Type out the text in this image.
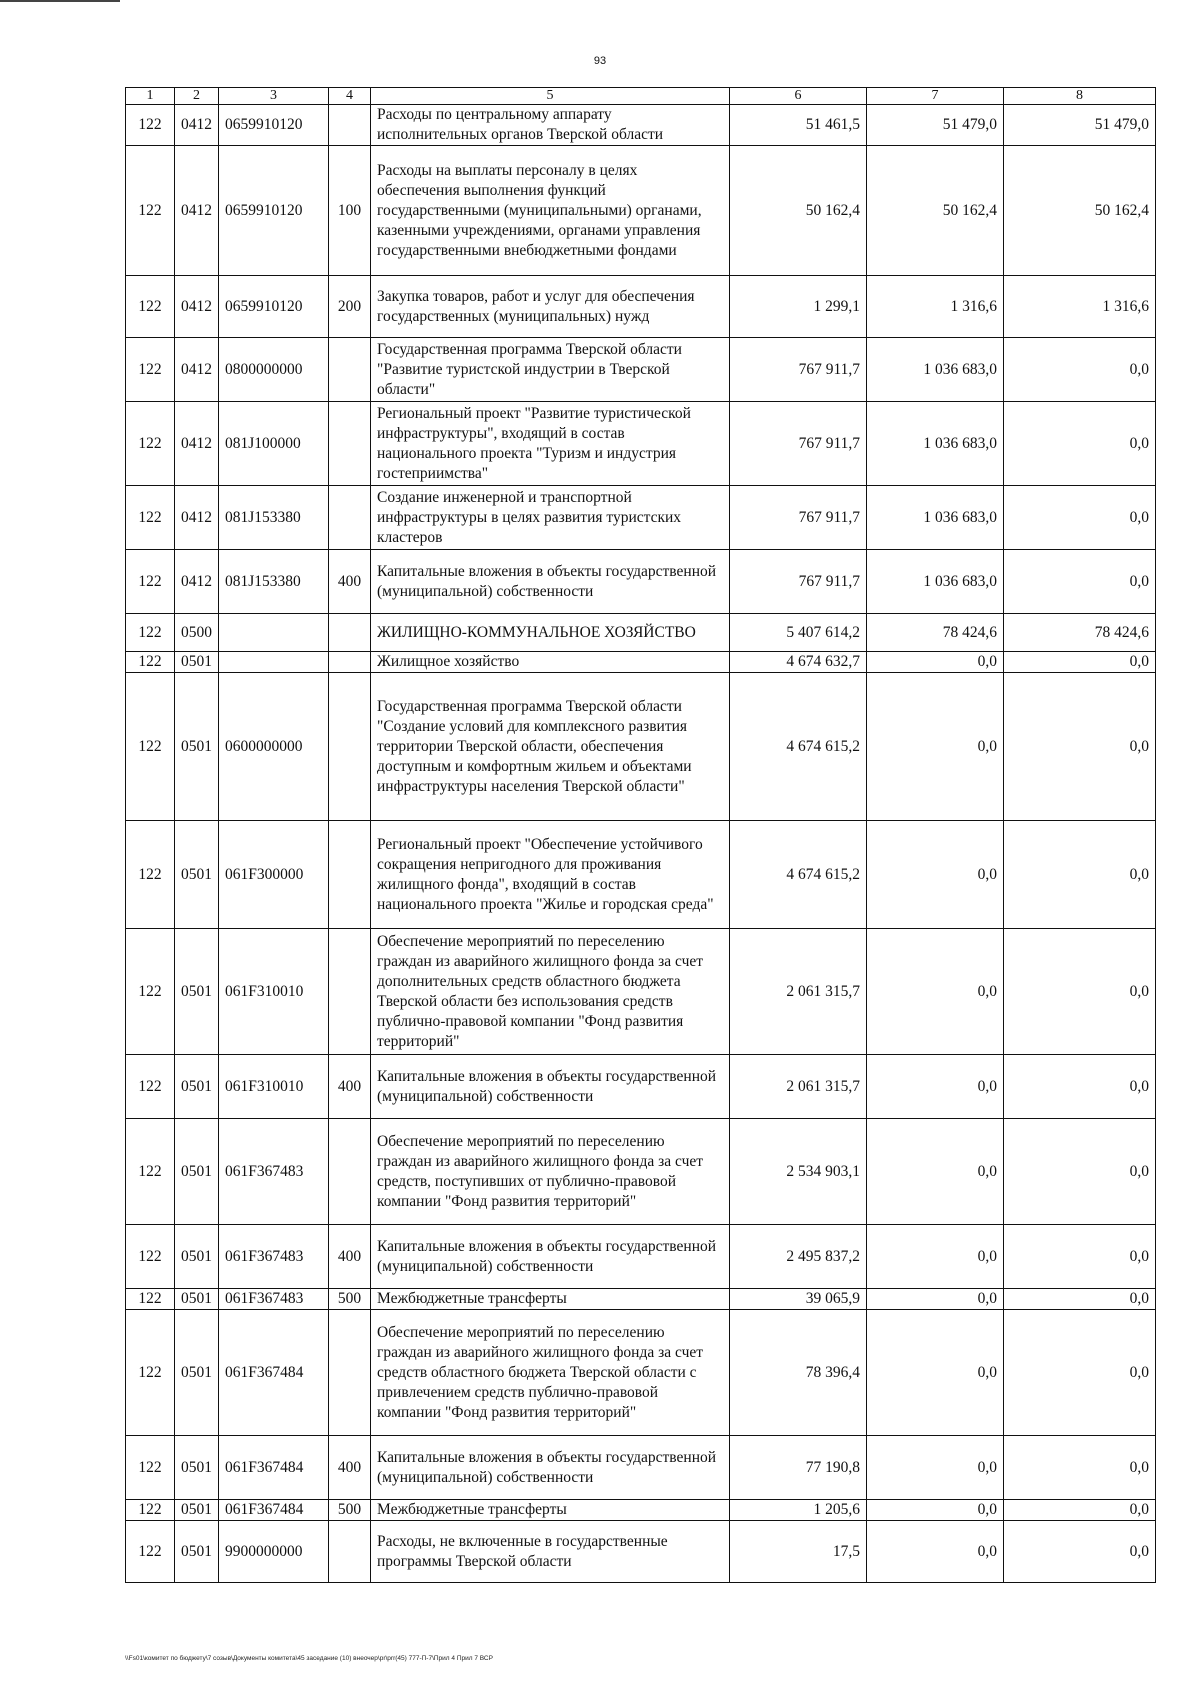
93
1	2	3	4	5	6	7	8
122	0412	0659910120		Расходы по центральному аппарату исполнительных органов Тверской области	51 461,5	51 479,0	51 479,0
122	0412	0659910120	100	Расходы на выплаты персоналу в целях обеспечения выполнения функций государственными (муниципальными) органами, казенными учреждениями, органами управления государственными внебюджетными фондами	50 162,4	50 162,4	50 162,4
122	0412	0659910120	200	Закупка товаров, работ и услуг для обеспечения государственных (муниципальных) нужд	1 299,1	1 316,6	1 316,6
122	0412	0800000000		Государственная программа Тверской области "Развитие туристской индустрии в Тверской области"	767 911,7	1 036 683,0	0,0
122	0412	081J100000		Региональный проект "Развитие туристической инфраструктуры", входящий в состав национального проекта "Туризм и индустрия гостеприимства"	767 911,7	1 036 683,0	0,0
122	0412	081J153380		Создание инженерной и транспортной инфраструктуры в целях развития туристских кластеров	767 911,7	1 036 683,0	0,0
122	0412	081J153380	400	Капитальные вложения в объекты государственной (муниципальной) собственности	767 911,7	1 036 683,0	0,0
122	0500			ЖИЛИЩНО-КОММУНАЛЬНОЕ ХОЗЯЙСТВО	5 407 614,2	78 424,6	78 424,6
122	0501			Жилищное хозяйство	4 674 632,7	0,0	0,0
122	0501	0600000000		Государственная программа Тверской области "Создание условий для комплексного развития территории Тверской области, обеспечения доступным и комфортным жильем и объектами инфраструктуры населения Тверской области"	4 674 615,2	0,0	0,0
122	0501	061F300000		Региональный проект "Обеспечение устойчивого сокращения непригодного для проживания жилищного фонда", входящий в состав национального проекта "Жилье и городская среда"	4 674 615,2	0,0	0,0
122	0501	061F310010		Обеспечение мероприятий по переселению граждан из аварийного жилищного фонда за счет дополнительных средств областного бюджета Тверской области без использования средств публично-правовой компании "Фонд развития территорий"	2 061 315,7	0,0	0,0
122	0501	061F310010	400	Капитальные вложения в объекты государственной (муниципальной) собственности	2 061 315,7	0,0	0,0
122	0501	061F367483		Обеспечение мероприятий по переселению граждан из аварийного жилищного фонда за счет средств, поступивших от публично-правовой компании "Фонд развития территорий"	2 534 903,1	0,0	0,0
122	0501	061F367483	400	Капитальные вложения в объекты государственной (муниципальной) собственности	2 495 837,2	0,0	0,0
122	0501	061F367483	500	Межбюджетные трансферты	39 065,9	0,0	0,0
122	0501	061F367484		Обеспечение мероприятий по переселению граждан из аварийного жилищного фонда за счет средств областного бюджета Тверской области с привлечением средств публично-правовой компании "Фонд развития территорий"	78 396,4	0,0	0,0
122	0501	061F367484	400	Капитальные вложения в объекты государственной (муниципальной) собственности	77 190,8	0,0	0,0
122	0501	061F367484	500	Межбюджетные трансферты	1 205,6	0,0	0,0
122	0501	9900000000		Расходы, не включенные в государственные программы Тверской области	17,5	0,0	0,0
\\Fs01\комитет по бюджету\7 созыв\Документы комитета\45 заседание (10) внеочер\pr\prr(45) 777-П-7\Прил 4 Прил 7 ВСР
